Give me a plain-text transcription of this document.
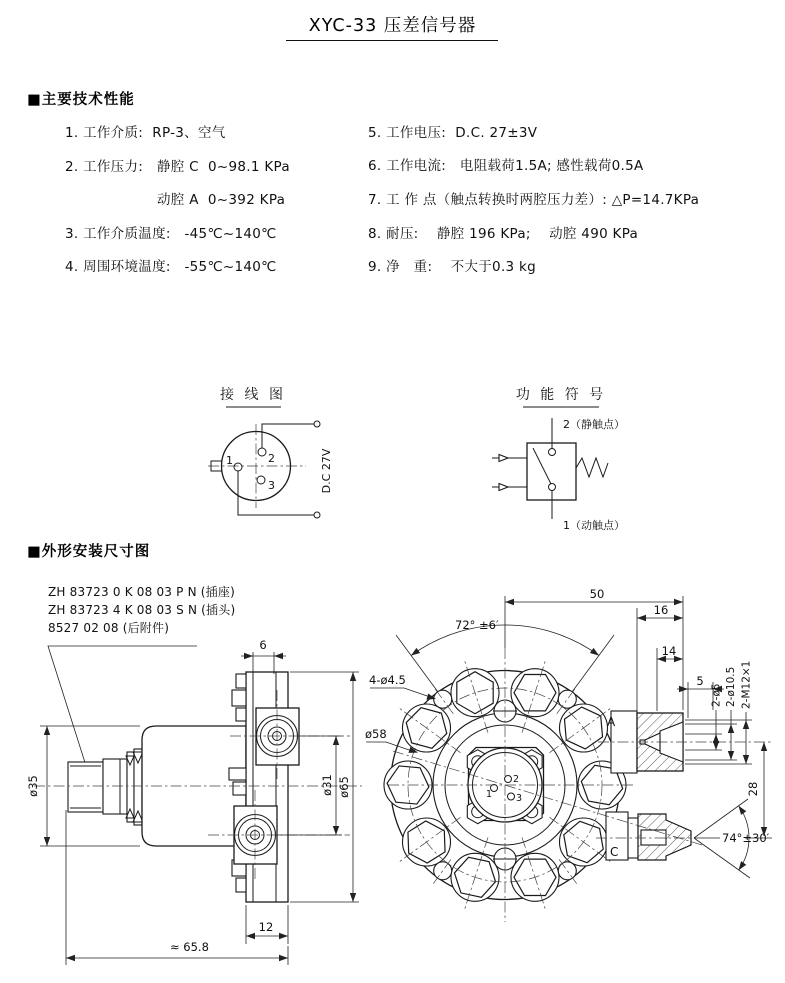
XYC-33 压差信号器
■主要技术性能
1. 工作介质:  RP-3、空气
2. 工作压力:   静腔 C  0~98.1 KPa
动腔 A  0~392 KPa
3. 工作介质温度:   -45℃~140℃
4. 周围环境温度:   -55℃~140℃
5. 工作电压:  D.C. 27±3V
6. 工作电流:   电阻载荷1.5A; 感性载荷0.5A
7. 工 作 点（触点转换时两腔压力差）: △P=14.7KPa
8. 耐压:    静腔 196 KPa;    动腔 490 KPa
9. 净   重:    不大于0.3 kg
接 线 图
1	2
3	D.C 27V
功 能 符 号
2（静触点）
1（动触点）
■外形安装尺寸图
ZH 83723 0 K 08 03 P N (插座)
ZH 83723 4 K 08 03 S N (插头)
8527 02 08 (后附件)
ø35
6
ø31 ø65
12
≈ 65.8
2
3
1
A
C
50
16
14
5
2-ø5 2-ø10.5 2-M12×1
28
72° ±6′
74°±30′
4-ø4.5
ø58
